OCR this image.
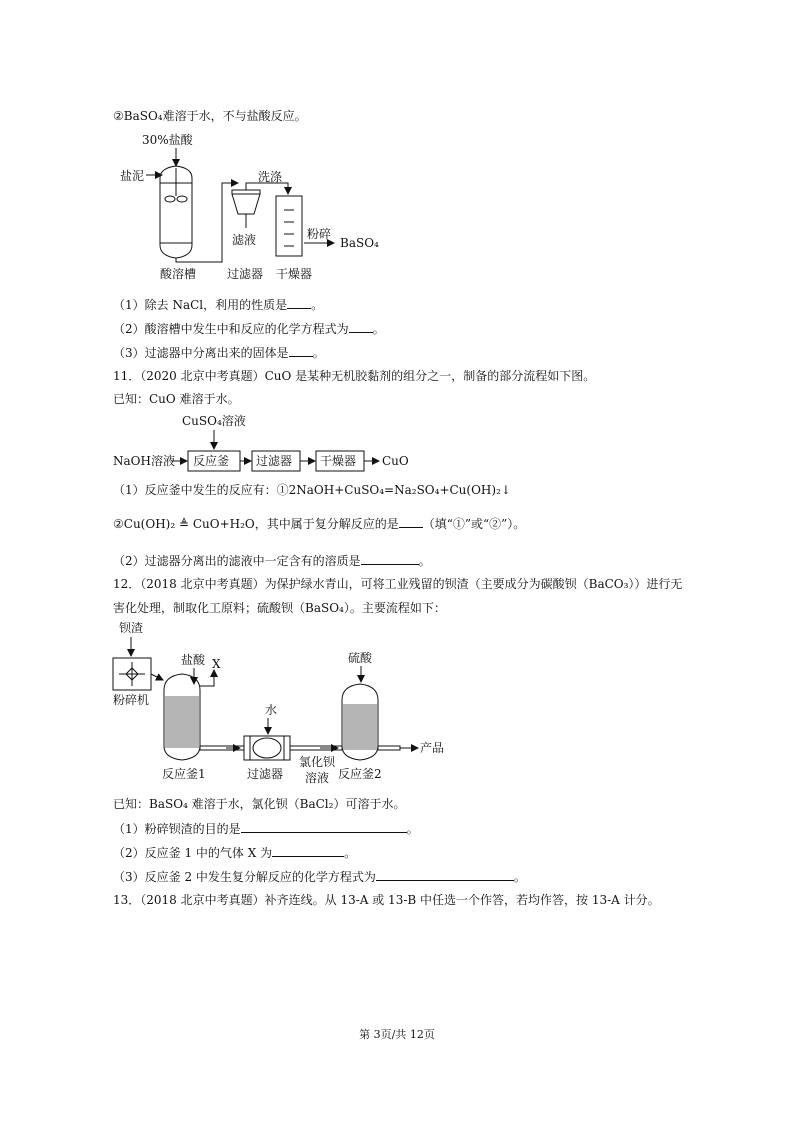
②BaSO₄难溶于水，不与盐酸反应。
30%盐酸
盐泥
滤液
洗涤
粉碎
BaSO₄
酸溶槽	过滤器 干燥器
（1）除去 NaCl，利用的性质是 。
（2）酸溶槽中发生中和反应的化学方程式为 。
（3）过滤器中分离出来的固体是 。
11．（2020 北京中考真题）CuO 是某种无机胶黏剂的组分之一，制备的部分流程如下图。
已知：CuO 难溶于水。
CuSO₄溶液
NaOH溶液 反应釜 过滤器 干燥器 CuO
（1）反应釜中发生的反应有：①2NaOH+CuSO₄=Na₂SO₄+Cu(OH)₂↓
②Cu(OH)₂ ≜ CuO+H₂O，其中属于复分解反应的是 （填“①”或“②”）。
（2）过滤器分离出的滤液中一定含有的溶质是	。
12．（2018 北京中考真题）为保护绿水青山，可将工业残留的钡渣（主要成分为碳酸钡（BaCO₃））进行无
害化处理，制取化工原料；硫酸钡（BaSO₄）。主要流程如下：
钡渣
粉碎机
盐酸 X
反应釜1
水
过滤器
氯化钡
溶液
硫酸
反应釜2
产品
已知：BaSO₄ 难溶于水，氯化钡（BaCl₂）可溶于水。
（1）粉碎钡渣的目的是	。
（2）反应釜 1 中的气体 X 为	。
（3）反应釜 2 中发生复分解反应的化学方程式为	。
13．（2018 北京中考真题）补齐连线。从 13-A 或 13-B 中任选一个作答，若均作答，按 13-A 计分。
第 3页/共 12页
